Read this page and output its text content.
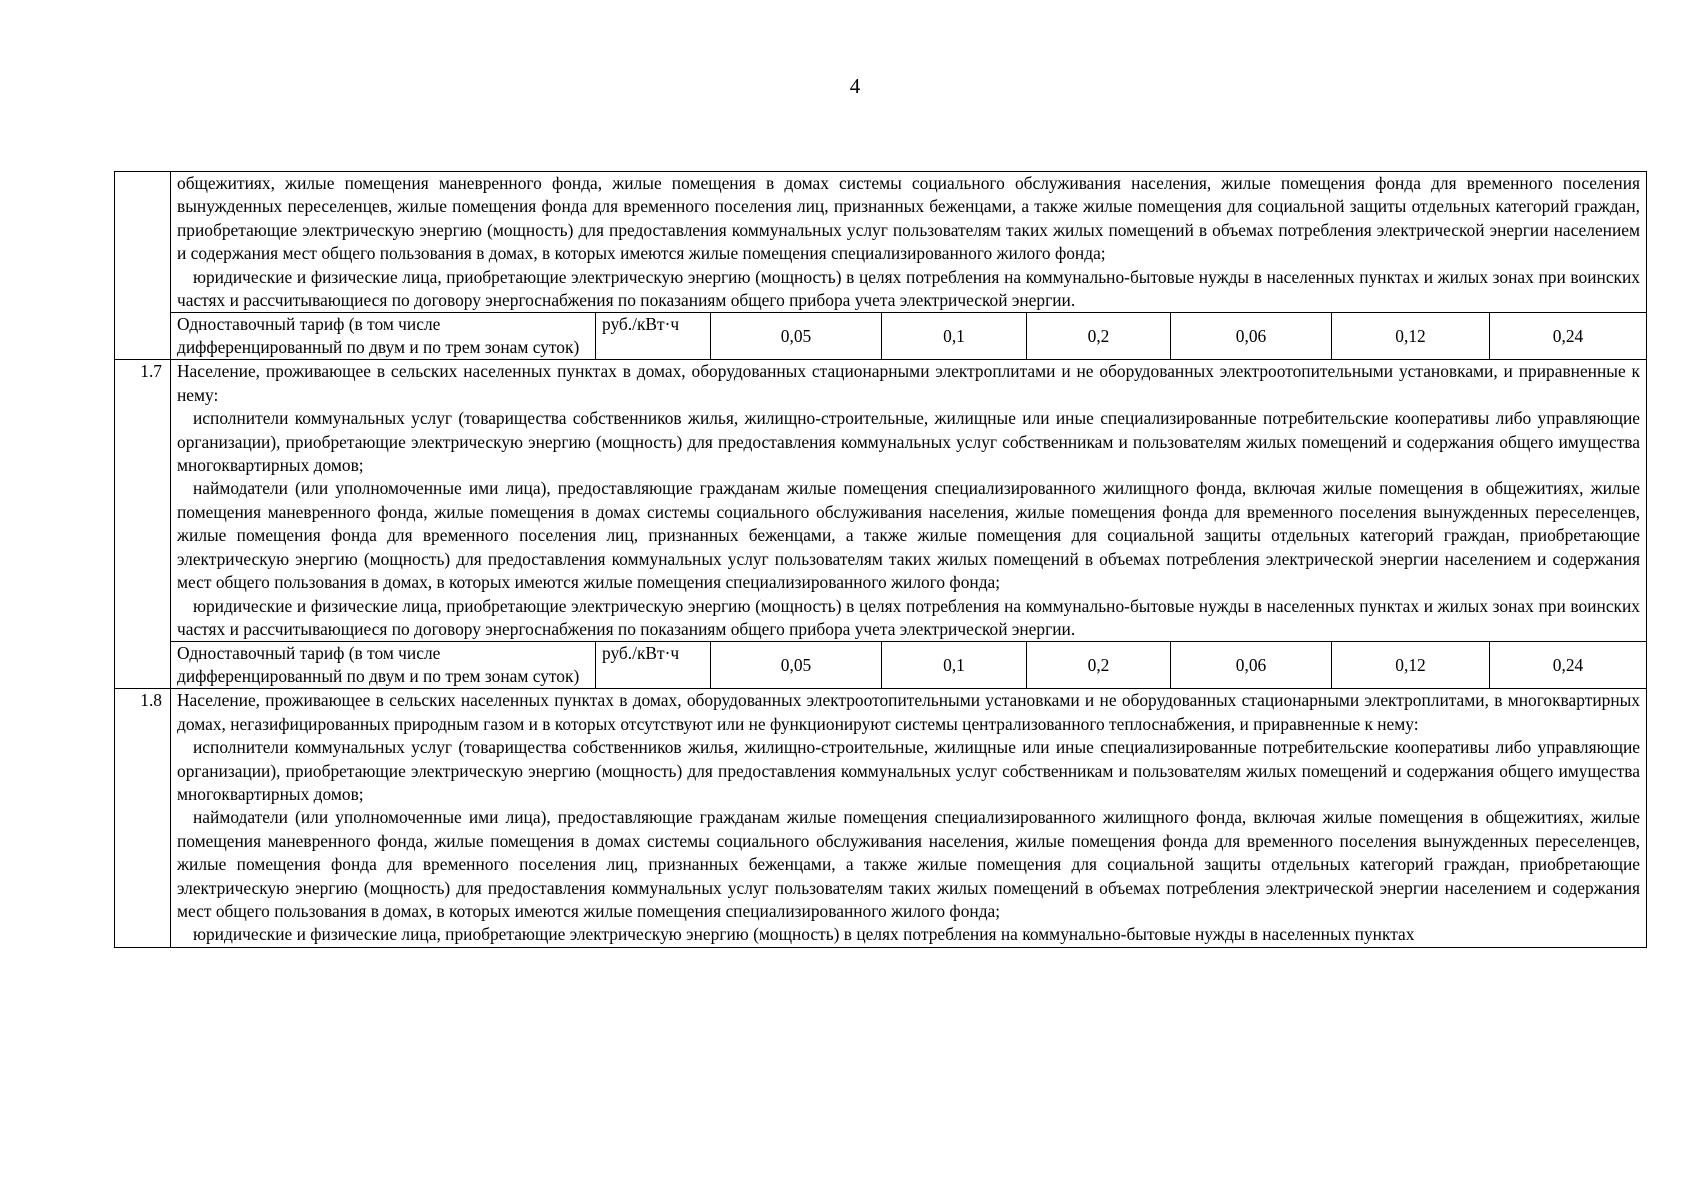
4

	общежитиях, жилые помещения маневренного фонда, жилые помещения в домах системы социального обслуживания населения, жилые помещения фонда для временного поселения вынужденных переселенцев, жилые помещения фонда для временного поселения лиц, признанных беженцами, а также жилые помещения для социальной защиты отдельных категорий граждан, приобретающие электрическую энергию (мощность) для предоставления коммунальных услуг пользователям таких жилых помещений в объемах потребления электрической энергии населением и содержания мест общего пользования в домах, в которых имеются жилые помещения специализированного жилого фонда;

юридические и физические лица, приобретающие электрическую энергию (мощность) в целях потребления на коммунально-бытовые нужды в населенных пунктах и жилых зонах при воинских частях и рассчитывающиеся по договору энергоснабжения по показаниям общего прибора учета электрической энергии.							

	Одноставочный тариф (в том числе дифференцированный по двум и по трем зонам суток)	руб./кВт·ч	0,05	0,1	0,2	0,06	0,12	0,24
1.7	Население, проживающее в сельских населенных пунктах в домах, оборудованных стационарными электроплитами и не оборудованных электроотопительными установками, и приравненные к нему:

исполнители коммунальных услуг (товарищества собственников жилья, жилищно-строительные, жилищные или иные специализированные потребительские кооперативы либо управляющие организации), приобретающие электрическую энергию (мощность) для предоставления коммунальных услуг собственникам и пользователям жилых помещений и содержания общего имущества многоквартирных домов;

наймодатели (или уполномоченные ими лица), предоставляющие гражданам жилые помещения специализированного жилищного фонда, включая жилые помещения в общежитиях, жилые помещения маневренного фонда, жилые помещения в домах системы социального обслуживания населения, жилые помещения фонда для временного поселения вынужденных переселенцев, жилые помещения фонда для временного поселения лиц, признанных беженцами, а также жилые помещения для социальной защиты отдельных категорий граждан, приобретающие электрическую энергию (мощность) для предоставления коммунальных услуг пользователям таких жилых помещений в объемах потребления электрической энергии населением и содержания мест общего пользования в домах, в которых имеются жилые помещения специализированного жилого фонда;

юридические и физические лица, приобретающие электрическую энергию (мощность) в целях потребления на коммунально-бытовые нужды в населенных пунктах и жилых зонах при воинских частях и рассчитывающиеся по договору энергоснабжения по показаниям общего прибора учета электрической энергии.							

	Одноставочный тариф (в том числе дифференцированный по двум и по трем зонам суток)	руб./кВт·ч	0,05	0,1	0,2	0,06	0,12	0,24
1.8	Население, проживающее в сельских населенных пунктах в домах, оборудованных электроотопительными установками и не оборудованных стационарными электроплитами, в многоквартирных домах, негазифицированных природным газом и в которых отсутствуют или не функционируют системы централизованного теплоснабжения, и приравненные к нему:

исполнители коммунальных услуг (товарищества собственников жилья, жилищно-строительные, жилищные или иные специализированные потребительские кооперативы либо управляющие организации), приобретающие электрическую энергию (мощность) для предоставления коммунальных услуг собственникам и пользователям жилых помещений и содержания общего имущества многоквартирных домов;

наймодатели (или уполномоченные ими лица), предоставляющие гражданам жилые помещения специализированного жилищного фонда, включая жилые помещения в общежитиях, жилые помещения маневренного фонда, жилые помещения в домах системы социального обслуживания населения, жилые помещения фонда для временного поселения вынужденных переселенцев, жилые помещения фонда для временного поселения лиц, признанных беженцами, а также жилые помещения для социальной защиты отдельных категорий граждан, приобретающие электрическую энергию (мощность) для предоставления коммунальных услуг пользователям таких жилых помещений в объемах потребления электрической энергии населением и содержания мест общего пользования в домах, в которых имеются жилые помещения специализированного жилого фонда;

юридические и физические лица, приобретающие электрическую энергию (мощность) в целях потребления на коммунально-бытовые нужды в населенных пунктах							
